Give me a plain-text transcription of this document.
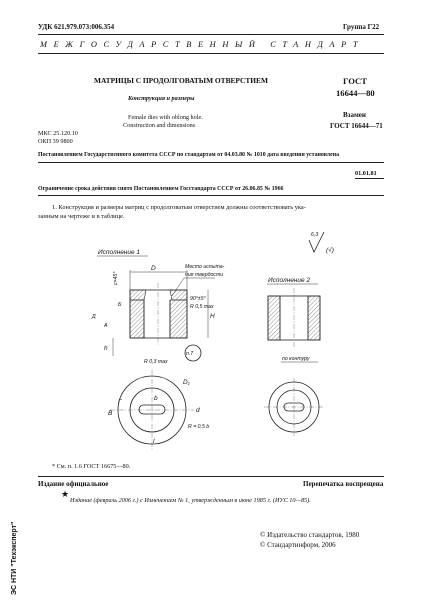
УДК 621.979.073:006.354	Группа Г22
МЕЖГОСУДАРСТВЕННЫЙ СТАНДАРТ
МАТРИЦЫ С ПРОДОЛГОВАТЫМ ОТВЕРСТИЕМ
Конструкция и размеры
Female dies with oblong hole.
Construction and dimensions
МКС 25.120.10
ОКП 39 9800
ГОСТ
16644—80
Взамен
ГОСТ 16644—71
Постановлением Государственного комитета СССР по стандартам от 04.03.80 № 1010 дата введения установлена
01.01.81
Ограничение срока действия снято Постановлением Госстандарта СССР от 26.06.85 № 1966
1. Конструкция и размеры матриц с продолговатым отверстием должны соответствовать ука-
занным на чертеже и в таблице.
6,3
(√)
Исполнение 1
Исполнение 2
Место испыта-
ния твердости
D
H
h
c×45°
90°±5°
R 0,5 max
R 0,3 max
Б
Д
А
п.7
по контуру
D₁
Г
В
b
l
R = 0,5 b
d
* См. п. 1.6 ГОСТ 16675—80.
Издание официальное	Перепечатка воспрещена
★
Издание (февраль 2006 г.) с Изменением № 1, утвержденным в июне 1985 г. (ИУС 10—85).
© Издательство стандартов, 1980
© Стандартинформ, 2006
ЭС НТИ "Техэксперт"
